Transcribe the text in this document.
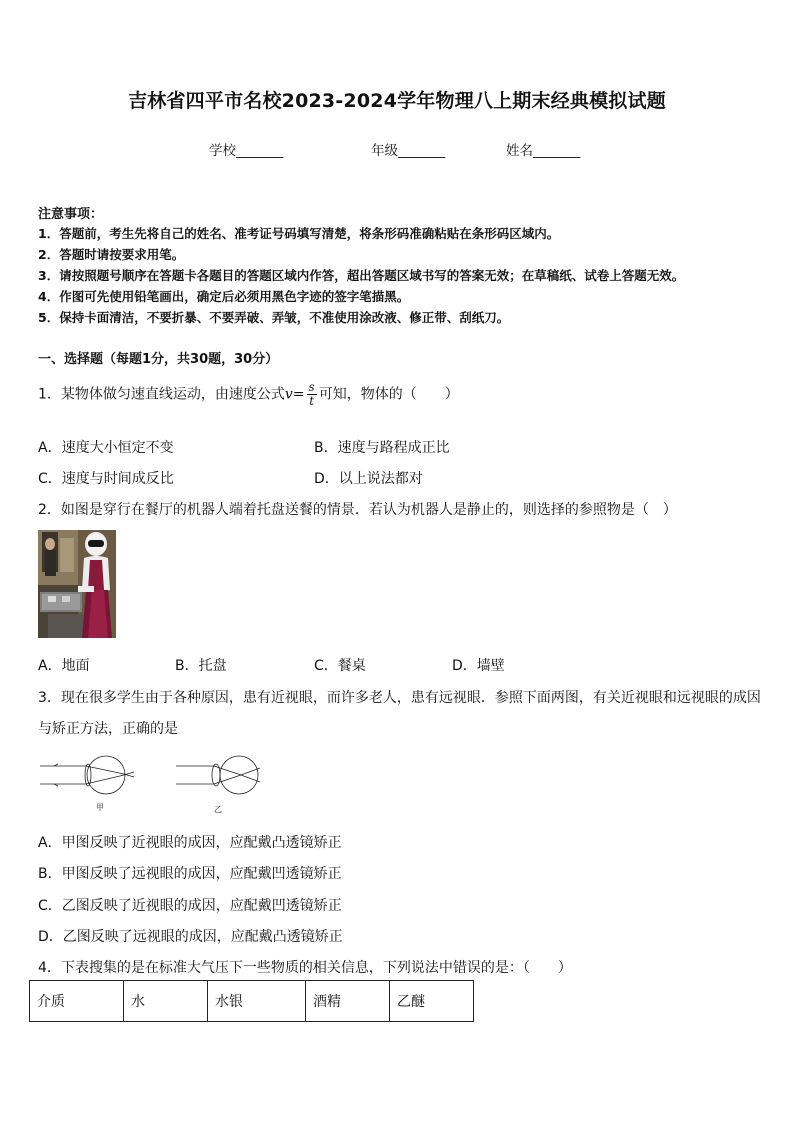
吉林省四平市名校2023-2024学年物理八上期末经典模拟试题
学校_______	年级_______	姓名_______
注意事项：
1．答题前，考生先将自己的姓名、准考证号码填写清楚，将条形码准确粘贴在条形码区域内。
2．答题时请按要求用笔。
3．请按照题号顺序在答题卡各题目的答题区域内作答，超出答题区域书写的答案无效；在草稿纸、试卷上答题无效。
4．作图可先使用铅笔画出，确定后必须用黑色字迹的签字笔描黑。
5．保持卡面清洁，不要折暴、不要弄破、弄皱，不准使用涂改液、修正带、刮纸刀。
一、选择题（每题1分，共30题，30分）
1．某物体做匀速直线运动，由速度公式$v= \frac{s}{t}$ 可知，物体的（　　）
A．速度大小恒定不变	B．速度与路程成正比
C．速度与时间成反比	D．以上说法都对
2．如图是穿行在餐厅的机器人端着托盘送餐的情景．若认为机器人是静止的，则选择的参照物是（　）
A．地面	B．托盘	C．餐桌	D．墙壁
3．现在很多学生由于各种原因，患有近视眼，而许多老人，患有远视眼．参照下面两图，有关近视眼和远视眼的成因
与矫正方法，正确的是
甲	乙
A．甲图反映了近视眼的成因，应配戴凸透镜矫正
B．甲图反映了远视眼的成因，应配戴凹透镜矫正
C．乙图反映了近视眼的成因，应配戴凹透镜矫正
D．乙图反映了远视眼的成因，应配戴凸透镜矫正
4．下表搜集的是在标准大气压下一些物质的相关信息，下列说法中错误的是：（　　）
介质	水	水银	酒精	乙醚
